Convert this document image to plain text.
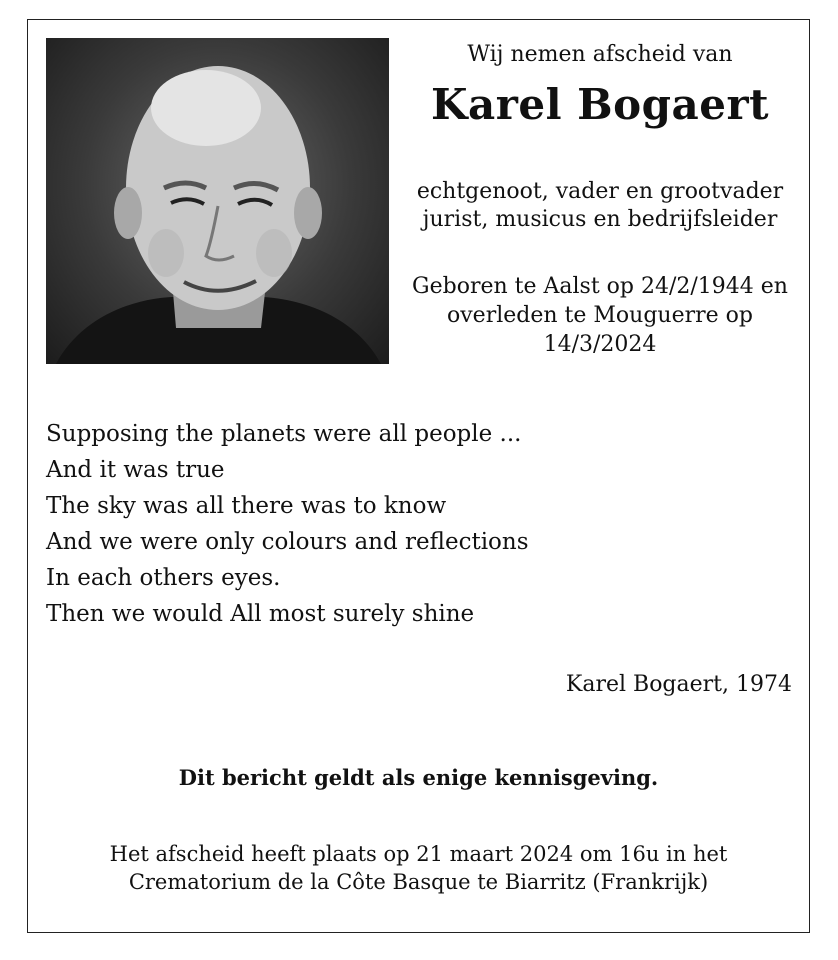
Wij nemen afscheid van
Karel Bogaert
echtgenoot, vader en grootvader
jurist, musicus en bedrijfsleider
Geboren te Aalst op 24/2/1944 en
overleden te Mouguerre op
14/3/2024
Supposing the planets were all people ...
And it was true
The sky was all there was to know
And we were only colours and reflections
In each others eyes.
Then we would All most surely shine
Karel Bogaert, 1974
Dit bericht geldt als enige kennisgeving.
Het afscheid heeft plaats op 21 maart 2024 om 16u in het
Crematorium de la Côte Basque te Biarritz (Frankrijk)
